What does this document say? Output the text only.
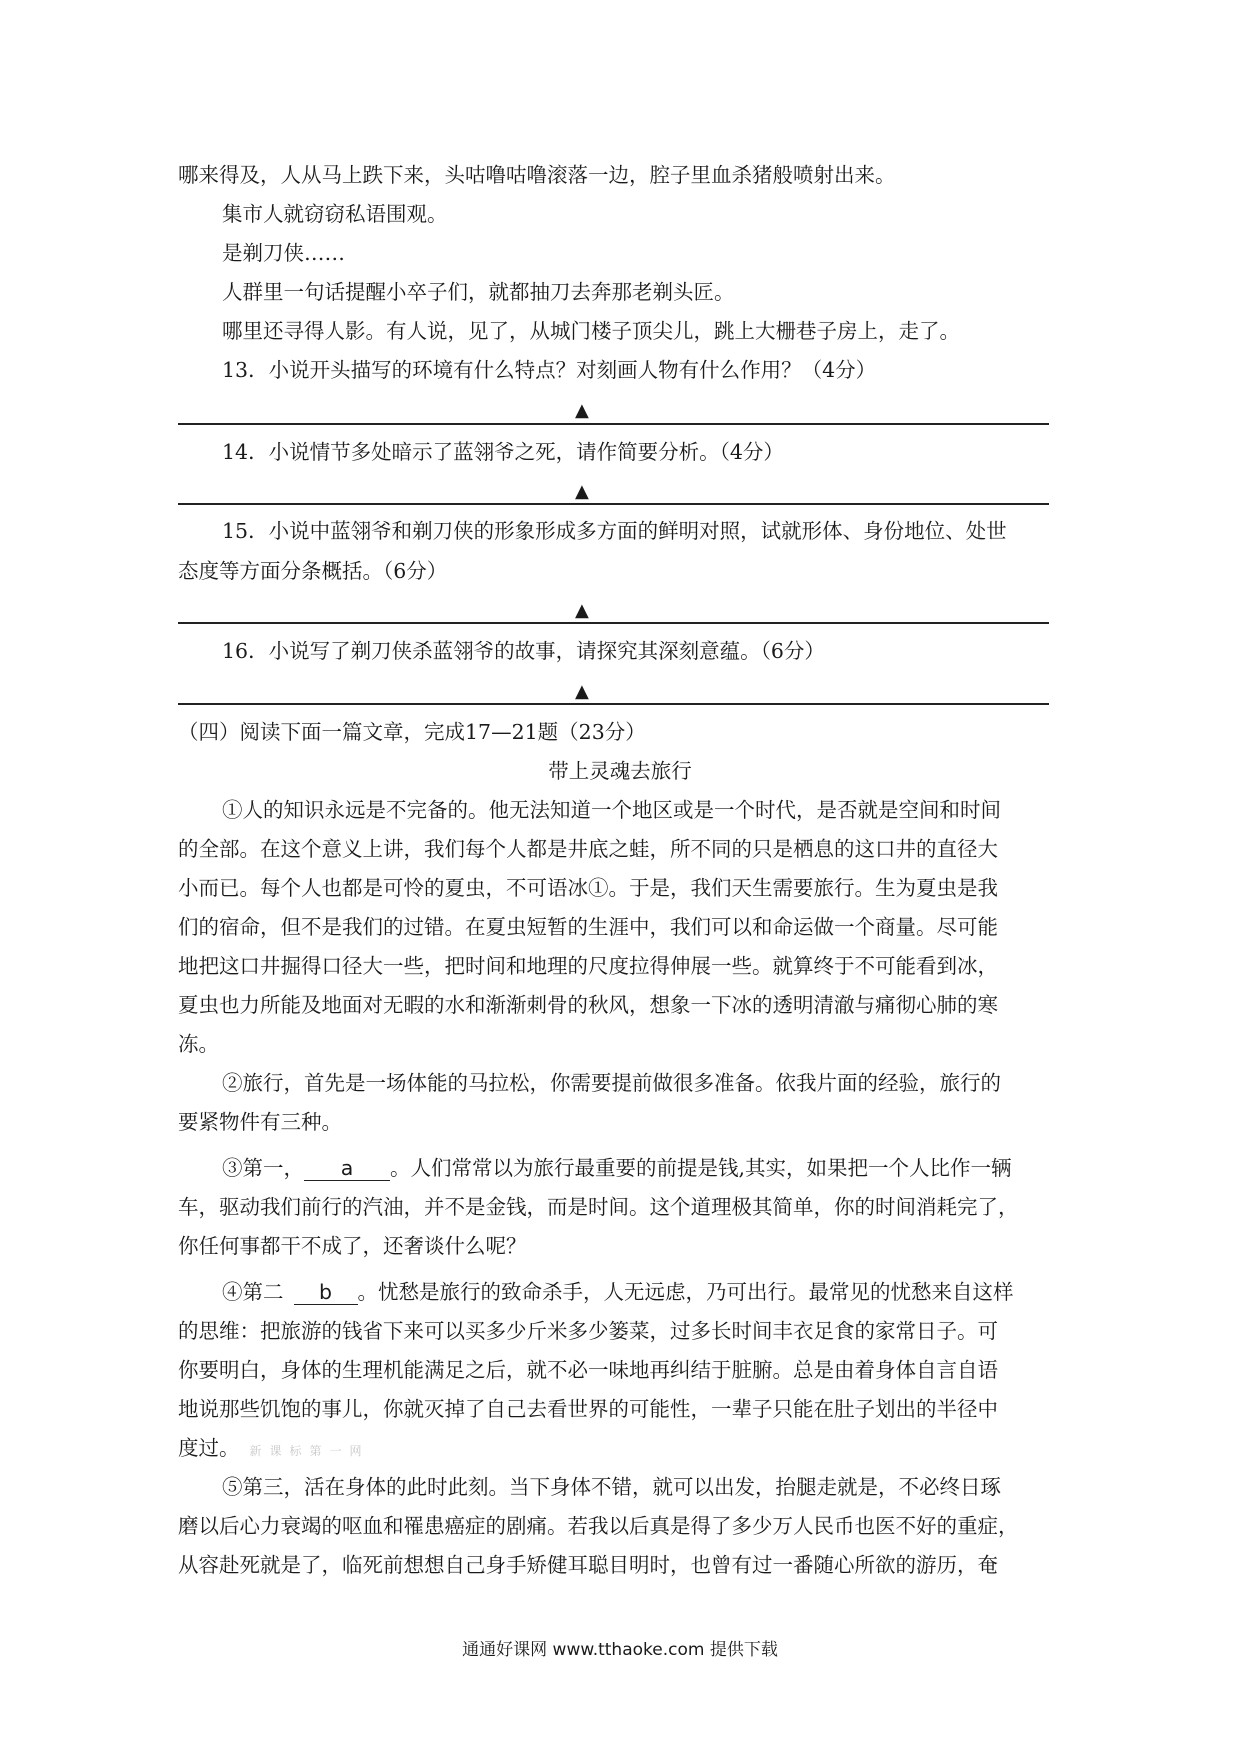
哪来得及，人从马上跌下来，头咕噜咕噜滚落一边，腔子里血杀猪般喷射出来。
集市人就窃窃私语围观。
是剃刀侠……
人群里一句话提醒小卒子们，就都抽刀去奔那老剃头匠。
哪里还寻得人影。有人说，见了，从城门楼子顶尖儿，跳上大栅巷子房上，走了。
13．小说开头描写的环境有什么特点？对刻画人物有什么作用？（4分）
▲
14．小说情节多处暗示了蓝翎爷之死，请作简要分析。（4分）
▲
15．小说中蓝翎爷和剃刀侠的形象形成多方面的鲜明对照，试就形体、身份地位、处世
态度等方面分条概括。（6分）
▲
16．小说写了剃刀侠杀蓝翎爷的故事，请探究其深刻意蕴。（6分）
▲
（四）阅读下面一篇文章，完成17—21题（23分）
带上灵魂去旅行
①人的知识永远是不完备的。他无法知道一个地区或是一个时代，是否就是空间和时间
的全部。在这个意义上讲，我们每个人都是井底之蛙，所不同的只是栖息的这口井的直径大
小而已。每个人也都是可怜的夏虫，不可语冰①。于是，我们天生需要旅行。生为夏虫是我
们的宿命，但不是我们的过错。在夏虫短暂的生涯中，我们可以和命运做一个商量。尽可能
地把这口井掘得口径大一些，把时间和地理的尺度拉得伸展一些。就算终于不可能看到冰，
夏虫也力所能及地面对无暇的水和渐渐刺骨的秋风，想象一下冰的透明清澈与痛彻心肺的寒
冻。
②旅行，首先是一场体能的马拉松，你需要提前做很多准备。依我片面的经验，旅行的
要紧物件有三种。
③第一， a 。人们常常以为旅行最重要的前提是钱,其实，如果把一个人比作一辆
车，驱动我们前行的汽油，并不是金钱，而是时间。这个道理极其简单，你的时间消耗完了，
你任何事都干不成了，还奢谈什么呢？
④第二 b 。忧愁是旅行的致命杀手，人无远虑，乃可出行。最常见的忧愁来自这样
的思维：把旅游的钱省下来可以买多少斤米多少篓菜，过多长时间丰衣足食的家常日子。可
你要明白，身体的生理机能满足之后，就不必一味地再纠结于脏腑。总是由着身体自言自语
地说那些饥饱的事儿，你就灭掉了自己去看世界的可能性，一辈子只能在肚子划出的半径中
度过。 新课标第一网
⑤第三，活在身体的此时此刻。当下身体不错，就可以出发，抬腿走就是，不必终日琢
磨以后心力衰竭的呕血和罹患癌症的剧痛。若我以后真是得了多少万人民币也医不好的重症，
从容赴死就是了，临死前想想自己身手矫健耳聪目明时，也曾有过一番随心所欲的游历，奄
通通好课网 www.tthaoke.com 提供下载
